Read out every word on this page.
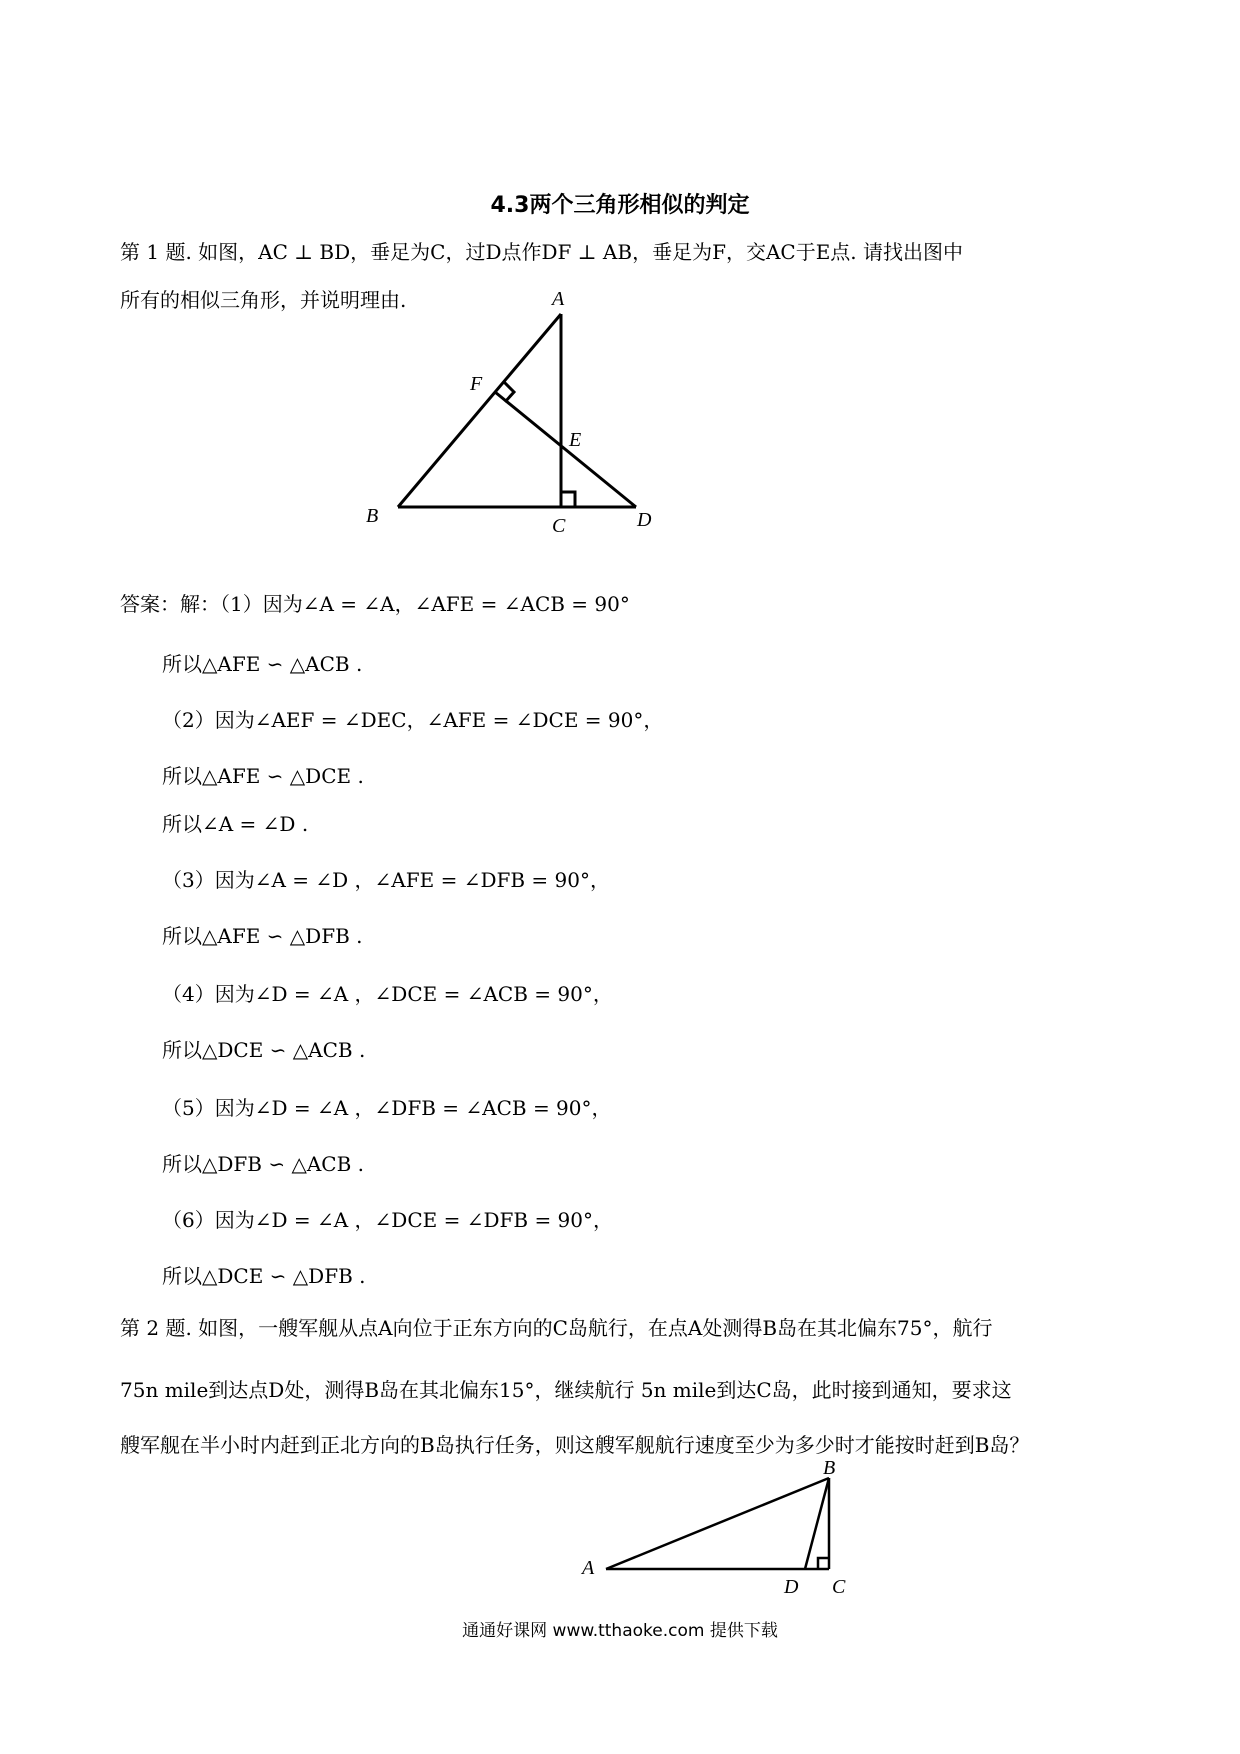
4.3两个三角形相似的判定
第 1 题. 如图，AC ⊥ BD，垂足为C，过D点作DF ⊥ AB，垂足为F，交AC于E点. 请找出图中
所有的相似三角形，并说明理由.	A
B	C	D
E
F
答案：解：（1）因为∠A = ∠A，∠AFE = ∠ACB = 90°
所以△AFE ∽ △ACB .
（2）因为∠AEF = ∠DEC，∠AFE = ∠DCE = 90°，
所以△AFE ∽ △DCE .
所以∠A = ∠D .
（3）因为∠A = ∠D ，∠AFE = ∠DFB = 90°，
所以△AFE ∽ △DFB .
（4）因为∠D = ∠A ，∠DCE = ∠ACB = 90°，
所以△DCE ∽ △ACB .
（5）因为∠D = ∠A ，∠DFB = ∠ACB = 90°，
所以△DFB ∽ △ACB .
（6）因为∠D = ∠A ，∠DCE = ∠DFB = 90°，
所以△DCE ∽ △DFB .
第 2 题. 如图，一艘军舰从点A向位于正东方向的C岛航行，在点A处测得B岛在其北偏东75°，航行
75n mile到达点D处，测得B岛在其北偏东15°，继续航行 5n mile到达C岛，此时接到通知，要求这
艘军舰在半小时内赶到正北方向的B岛执行任务，则这艘军舰航行速度至少为多少时才能按时赶到B岛？
A
B
C
D
通通好课网 www.tthaoke.com 提供下载
